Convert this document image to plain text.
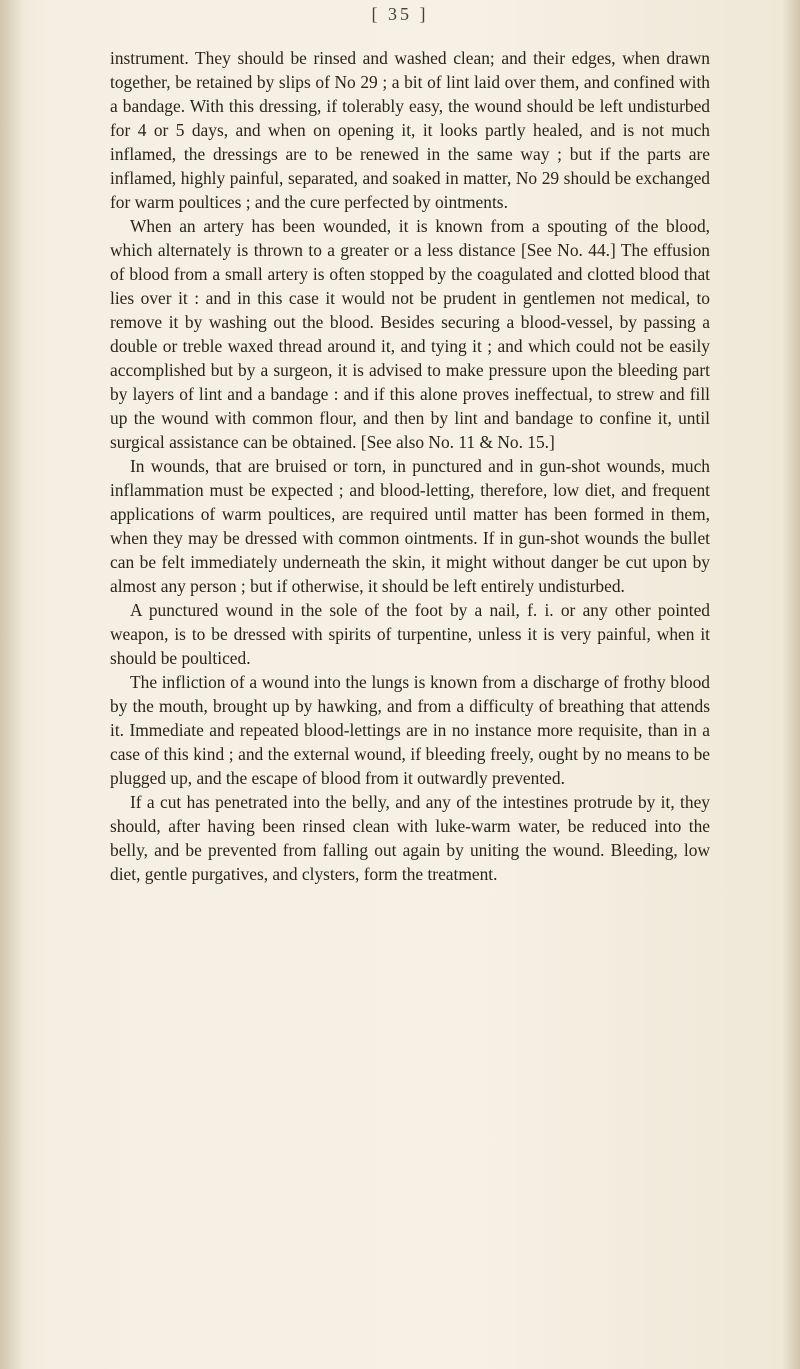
[ 35 ]

instrument. They should be rinsed and washed clean; and their edges, when drawn together, be retained by slips of No 29 ; a bit of lint laid over them, and confined with a bandage. With this dressing, if tolerably easy, the wound should be left undisturbed for 4 or 5 days, and when on opening it, it looks partly healed, and is not much inflamed, the dressings are to be renewed in the same way ; but if the parts are inflamed, highly painful, separated, and soaked in matter, No 29 should be exchanged for warm poultices ; and the cure perfected by ointments.

When an artery has been wounded, it is known from a spouting of the blood, which alternately is thrown to a greater or a less distance [See No. 44.] The effusion of blood from a small artery is often stopped by the coagulated and clotted blood that lies over it : and in this case it would not be prudent in gentlemen not medical, to remove it by washing out the blood. Besides securing a blood-vessel, by passing a double or treble waxed thread around it, and tying it ; and which could not be easily accomplished but by a surgeon, it is advised to make pressure upon the bleeding part by layers of lint and a bandage : and if this alone proves ineffectual, to strew and fill up the wound with common flour, and then by lint and bandage to confine it, until surgical assistance can be obtained. [See also No. 11 & No. 15.]

In wounds, that are bruised or torn, in punctured and in gun-shot wounds, much inflammation must be expected ; and blood-letting, therefore, low diet, and frequent applications of warm poultices, are required until matter has been formed in them, when they may be dressed with common ointments. If in gun-shot wounds the bullet can be felt immediately underneath the skin, it might without danger be cut upon by almost any person ; but if otherwise, it should be left entirely undisturbed.

A punctured wound in the sole of the foot by a nail, f. i. or any other pointed weapon, is to be dressed with spirits of turpentine, unless it is very painful, when it should be poulticed.

The infliction of a wound into the lungs is known from a discharge of frothy blood by the mouth, brought up by hawking, and from a difficulty of breathing that attends it. Immediate and repeated blood-lettings are in no instance more requisite, than in a case of this kind ; and the external wound, if bleeding freely, ought by no means to be plugged up, and the escape of blood from it outwardly prevented.

If a cut has penetrated into the belly, and any of the intestines protrude by it, they should, after having been rinsed clean with luke-warm water, be reduced into the belly, and be prevented from falling out again by uniting the wound. Bleeding, low diet, gentle purgatives, and clysters, form the treatment.
